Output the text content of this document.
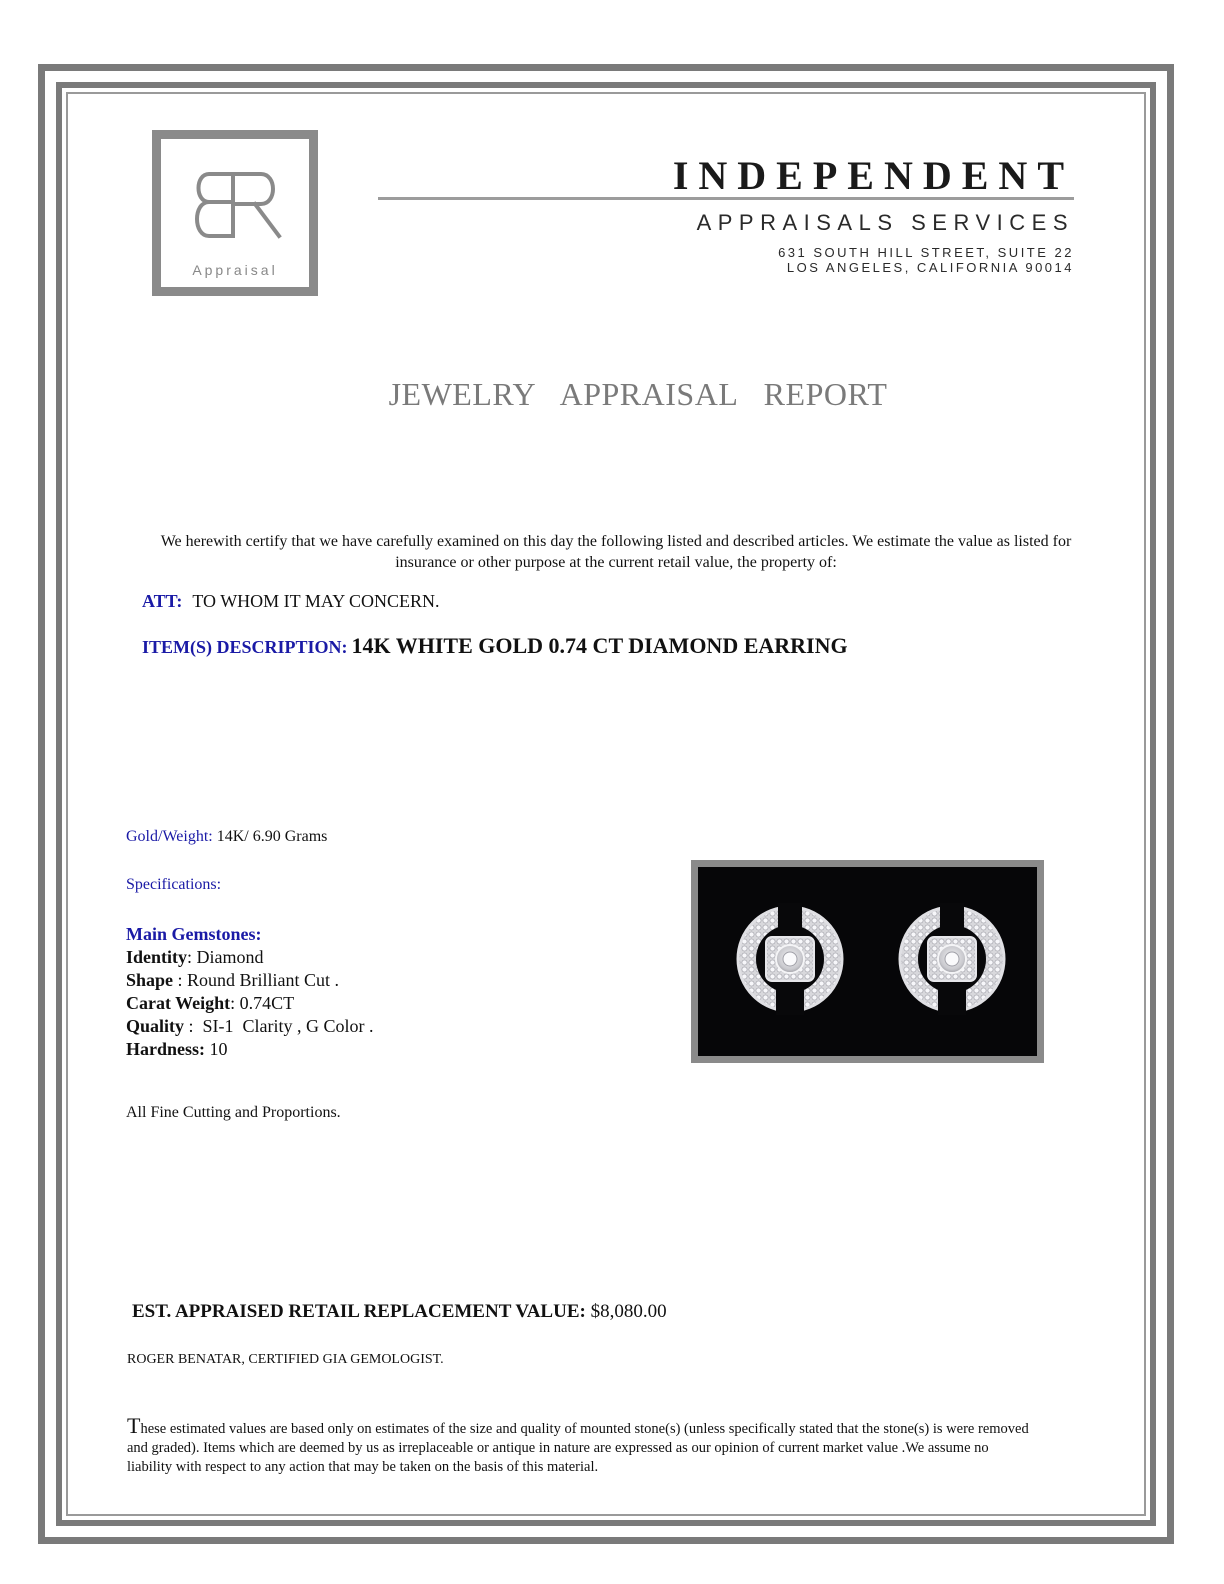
Appraisal
INDEPENDENT
APPRAISALS SERVICES
631 SOUTH HILL STREET, SUITE 22
LOS ANGELES, CALIFORNIA 90014
JEWELRY APPRAISAL REPORT
We herewith certify that we have carefully examined on this day the following listed and described articles. We estimate the value as listed for insurance or other purpose at the current retail value, the property of:
ATT: TO WHOM IT MAY CONCERN.
ITEM(S) DESCRIPTION: 14K WHITE GOLD 0.74 CT DIAMOND EARRING
Gold/Weight: 14K/ 6.90 Grams
Specifications:
Main Gemstones:
Identity: Diamond
Shape : Round Brilliant Cut .
Carat Weight: 0.74CT
Quality :  SI-1  Clarity , G Color .
Hardness: 10
All Fine Cutting and Proportions.
EST. APPRAISED RETAIL REPLACEMENT VALUE: $8,080.00
ROGER BENATAR, CERTIFIED GIA GEMOLOGIST.
These estimated values are based only on estimates of the size and quality of mounted stone(s) (unless specifically stated that the stone(s) is were removed and graded). Items which are deemed by us as irreplaceable or antique in nature are expressed as our opinion of current market value .We assume no liability with respect to any action that may be taken on the basis of this material.
